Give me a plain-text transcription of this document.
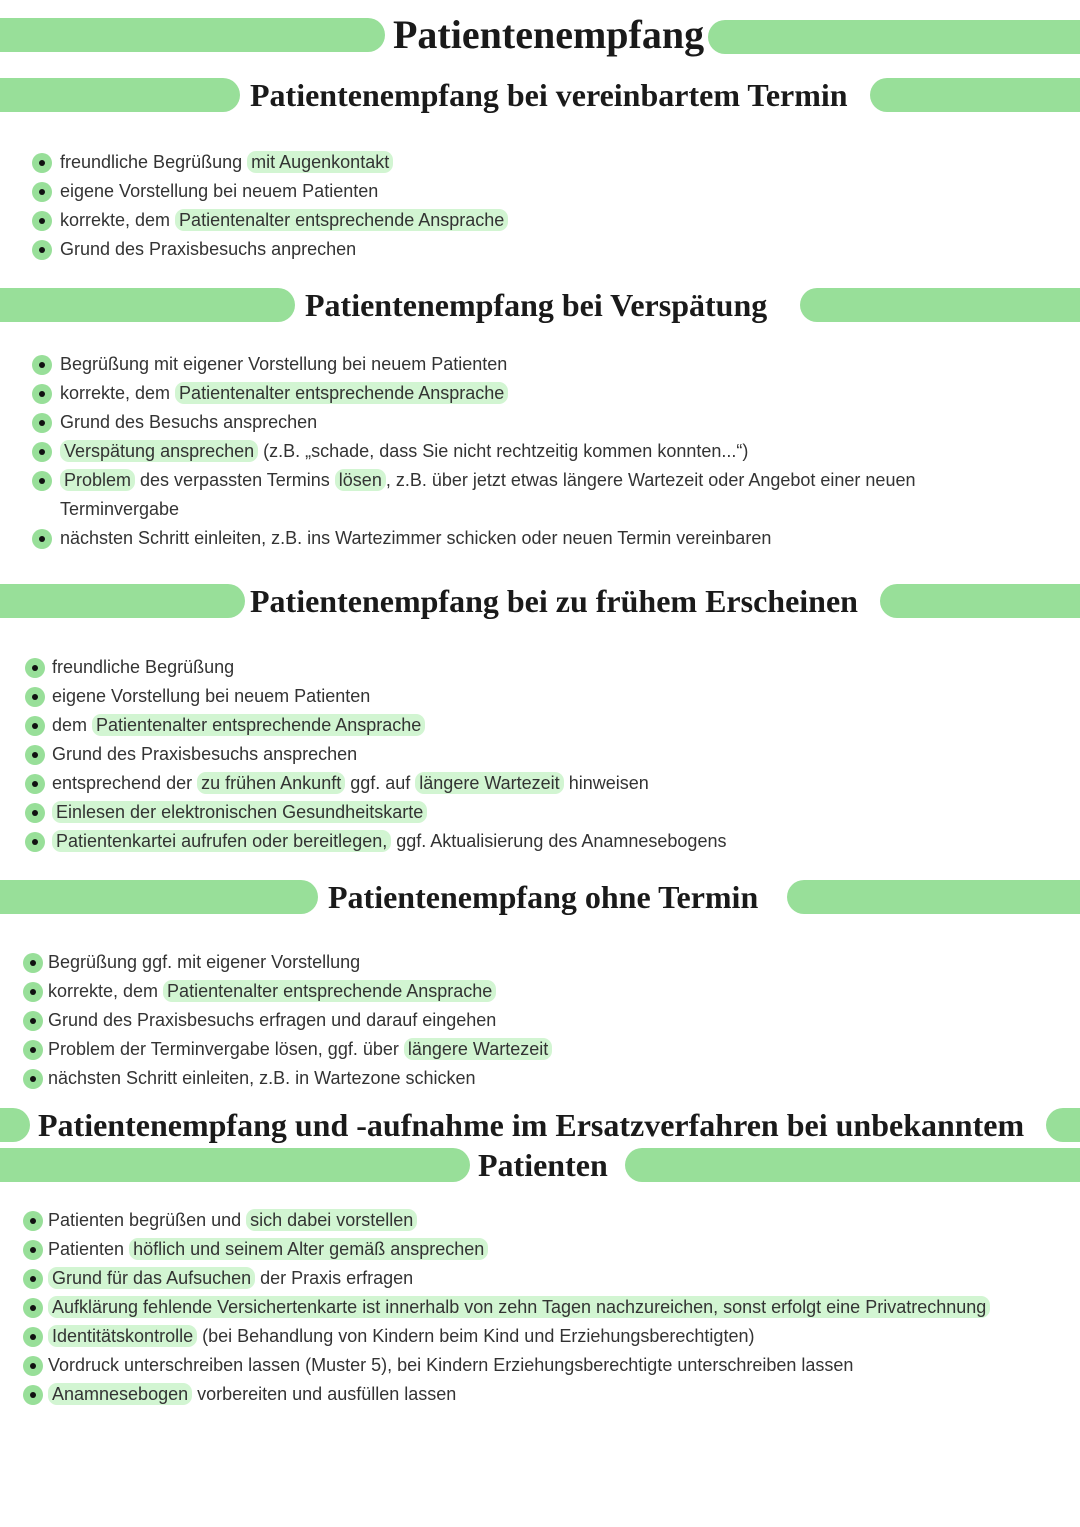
Patientenempfang
Patientenempfang bei vereinbartem Termin
freundliche Begrüßung mit Augenkontakt
eigene Vorstellung bei neuem Patienten
korrekte, dem Patientenalter entsprechende Ansprache
Grund des Praxisbesuchs anprechen
Patientenempfang bei Verspätung
Begrüßung mit eigener Vorstellung bei neuem Patienten
korrekte, dem Patientenalter entsprechende Ansprache
Grund des Besuchs ansprechen
Verspätung ansprechen (z.B. „schade, dass Sie nicht rechtzeitig kommen konnten...“)
Problem des verpassten Termins lösen , z.B. über jetzt etwas längere Wartezeit oder Angebot einer neuen Terminvergabe
nächsten Schritt einleiten, z.B. ins Wartezimmer schicken oder neuen Termin vereinbaren
Patientenempfang bei zu frühem Erscheinen
freundliche Begrüßung
eigene Vorstellung bei neuem Patienten
dem Patientenalter entsprechende Ansprache
Grund des Praxisbesuchs ansprechen
entsprechend der zu frühen Ankunft ggf. auf längere Wartezeit hinweisen
Einlesen der elektronischen Gesundheitskarte
Patientenkartei aufrufen oder bereitlegen, ggf. Aktualisierung des Anamnesebogens
Patientenempfang ohne Termin
Begrüßung ggf. mit eigener Vorstellung
korrekte, dem Patientenalter entsprechende Ansprache
Grund des Praxisbesuchs erfragen und darauf eingehen
Problem der Terminvergabe lösen, ggf. über längere Wartezeit
nächsten Schritt einleiten, z.B. in Wartezone schicken
Patientenempfang und -aufnahme im Ersatzverfahren bei unbekanntem
Patienten
Patienten begrüßen und sich dabei vorstellen
Patienten höflich und seinem Alter gemäß ansprechen
Grund für das Aufsuchen der Praxis erfragen
Aufklärung fehlende Versichertenkarte ist innerhalb von zehn Tagen nachzureichen, sonst erfolgt eine Privatrechnung
Identitätskontrolle (bei Behandlung von Kindern beim Kind und Erziehungsberechtigten)
Vordruck unterschreiben lassen (Muster 5), bei Kindern Erziehungsberechtigte unterschreiben lassen
Anamnesebogen vorbereiten und ausfüllen lassen
